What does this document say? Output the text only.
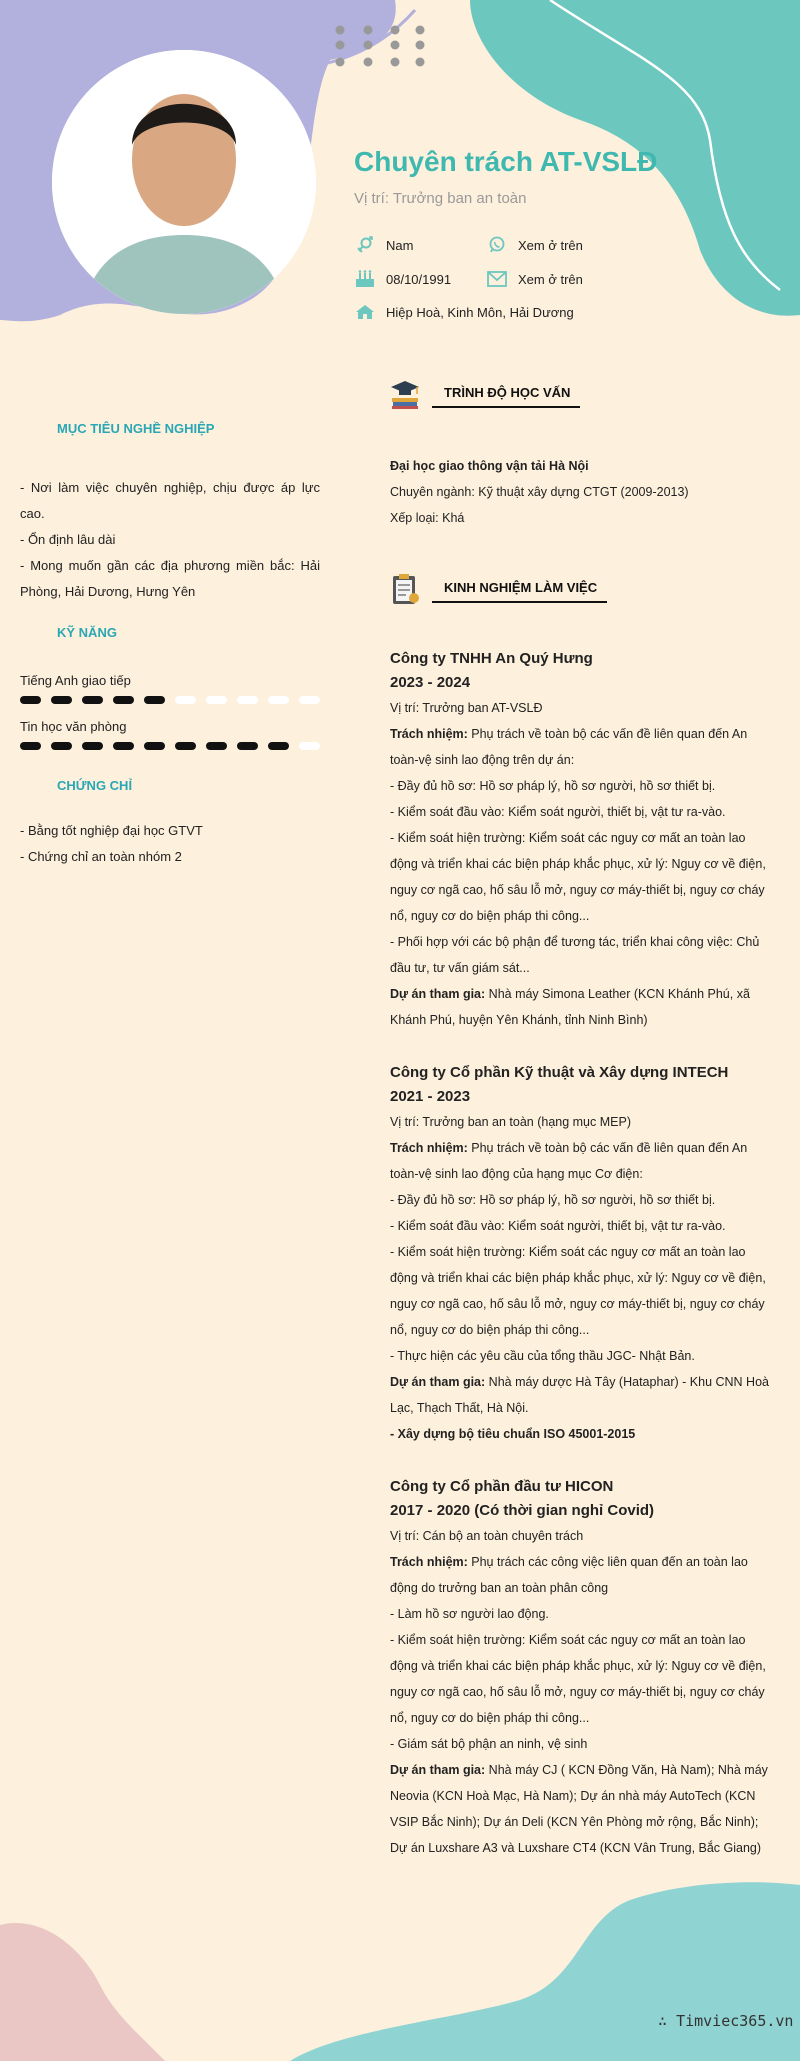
Chuyên trách AT-VSLĐ
Vị trí: Trưởng ban an toàn
Nam	Xem ở trên
08/10/1991	Xem ở trên
Hiệp Hoà, Kinh Môn, Hải Dương
MỤC TIÊU NGHỀ NGHIỆP
- Nơi làm việc chuyên nghiệp, chịu được áp lực cao.
- Ổn định lâu dài
- Mong muốn gần các địa phương miền bắc: Hải Phòng, Hải Dương, Hưng Yên
KỸ NĂNG
Tiếng Anh giao tiếp
Tin học văn phòng
CHỨNG CHỈ
- Bằng tốt nghiệp đại học GTVT
- Chứng chỉ an toàn nhóm 2
TRÌNH ĐỘ HỌC VẤN
Đại học giao thông vận tải Hà Nội
Chuyên ngành: Kỹ thuật xây dựng CTGT (2009-2013)
Xếp loại: Khá
KINH NGHIỆM LÀM VIỆC
Công ty TNHH An Quý Hưng
2023 - 2024
Vị trí: Trưởng ban AT-VSLĐ
Trách nhiệm: Phụ trách về toàn bộ các vấn đề liên quan đến An toàn-vệ sinh lao động trên dự án:
- Đầy đủ hồ sơ: Hồ sơ pháp lý, hồ sơ người, hồ sơ thiết bị.
- Kiểm soát đầu vào: Kiểm soát người, thiết bị, vật tư ra-vào.
- Kiểm soát hiện trường: Kiểm soát các nguy cơ mất an toàn lao động và triển khai các biện pháp khắc phục, xử lý: Nguy cơ về điện, nguy cơ ngã cao, hố sâu lỗ mở, nguy cơ máy-thiết bị, nguy cơ cháy nổ, nguy cơ do biện pháp thi công...
- Phối hợp với các bộ phận để tương tác, triển khai công việc: Chủ đầu tư, tư vấn giám sát...
Dự án tham gia: Nhà máy Simona Leather (KCN Khánh Phú, xã Khánh Phú, huyện Yên Khánh, tỉnh Ninh Bình)
Công ty Cổ phần Kỹ thuật và Xây dựng INTECH
2021 - 2023
Vị trí: Trưởng ban an toàn (hạng mục MEP)
Trách nhiệm: Phụ trách về toàn bộ các vấn đề liên quan đến An toàn-vệ sinh lao động của hạng mục Cơ điện:
- Đầy đủ hồ sơ: Hồ sơ pháp lý, hồ sơ người, hồ sơ thiết bị.
- Kiểm soát đầu vào: Kiểm soát người, thiết bị, vật tư ra-vào.
- Kiểm soát hiện trường: Kiểm soát các nguy cơ mất an toàn lao động và triển khai các biện pháp khắc phục, xử lý: Nguy cơ về điện, nguy cơ ngã cao, hố sâu lỗ mở, nguy cơ máy-thiết bị, nguy cơ cháy nổ, nguy cơ do biện pháp thi công...
- Thực hiện các yêu cầu của tổng thầu JGC- Nhật Bản.
Dự án tham gia: Nhà máy dược Hà Tây (Hataphar) - Khu CNN Hoà Lạc, Thạch Thất, Hà Nội.
- Xây dựng bộ tiêu chuẩn ISO 45001-2015
Công ty Cổ phần đầu tư HICON
2017 - 2020 (Có thời gian nghỉ Covid)
Vị trí: Cán bộ an toàn chuyên trách
Trách nhiệm: Phụ trách các công việc liên quan đến an toàn lao động do trưởng ban an toàn phân công
- Làm hồ sơ người lao động.
- Kiểm soát hiện trường: Kiểm soát các nguy cơ mất an toàn lao động và triển khai các biện pháp khắc phục, xử lý: Nguy cơ về điện, nguy cơ ngã cao, hố sâu lỗ mở, nguy cơ máy-thiết bị, nguy cơ cháy nổ, nguy cơ do biện pháp thi công...
- Giám sát bộ phận an ninh, vệ sinh
Dự án tham gia: Nhà máy CJ ( KCN Đồng Văn, Hà Nam); Nhà máy Neovia (KCN Hoà Mạc, Hà Nam); Dự án nhà máy AutoTech (KCN VSIP Bắc Ninh); Dự án Deli (KCN Yên Phòng mở rộng, Bắc Ninh); Dự án Luxshare A3 và Luxshare CT4 (KCN Vân Trung, Bắc Giang)
∴ Timviec365.vn
